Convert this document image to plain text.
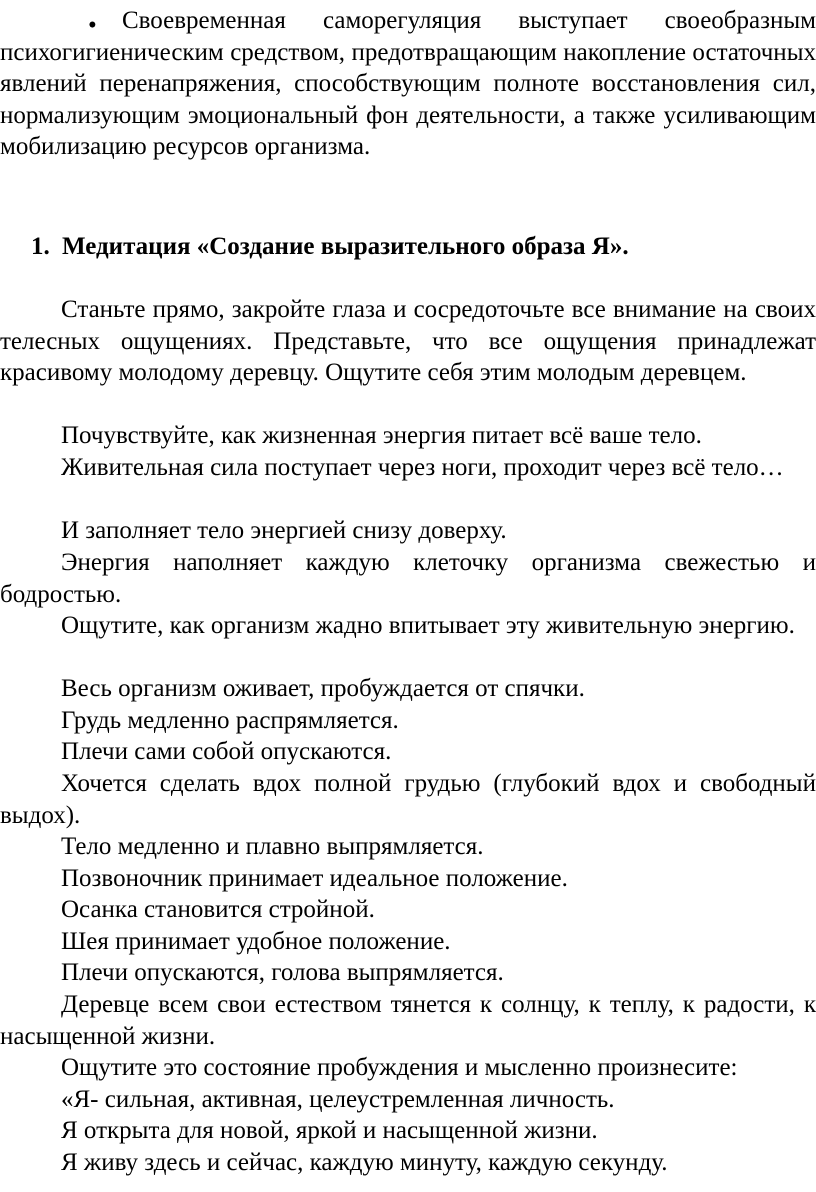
•	Своевременная саморегуляция выступает своеобразным психогигиеническим средством, предотвращающим накопление остаточных явлений перенапряжения, способствующим полноте восстановления сил, нормализующим эмоциональный фон деятельности, а также усиливающим мобилизацию ресурсов организма.

1. Медитация «Создание выразительного образа Я».

Станьте прямо, закройте глаза и сосредоточьте все внимание на своих телесных ощущениях. Представьте, что все ощущения принадлежат красивому молодому деревцу. Ощутите себя этим молодым деревцем.

Почувствуйте, как жизненная энергия питает всё ваше тело.

Живительная сила поступает через ноги, проходит через всё тело…

И заполняет тело энергией снизу доверху.

Энергия наполняет каждую клеточку организма свежестью и бодростью.

Ощутите, как организм жадно впитывает эту живительную энергию.

Весь организм оживает, пробуждается от спячки.

Грудь медленно распрямляется.

Плечи сами собой опускаются.

Хочется сделать вдох полной грудью (глубокий вдох и свободный выдох).

Тело медленно и плавно выпрямляется.

Позвоночник принимает идеальное положение.

Осанка становится стройной.

Шея принимает удобное положение.

Плечи опускаются, голова выпрямляется.

Деревце всем свои естеством тянется к солнцу, к теплу, к радости, к насыщенной жизни.

Ощутите это состояние пробуждения и мысленно произнесите:

«Я- сильная, активная, целеустремленная личность.

Я открыта для новой, яркой и насыщенной жизни.

Я живу здесь и сейчас, каждую минуту, каждую секунду.
